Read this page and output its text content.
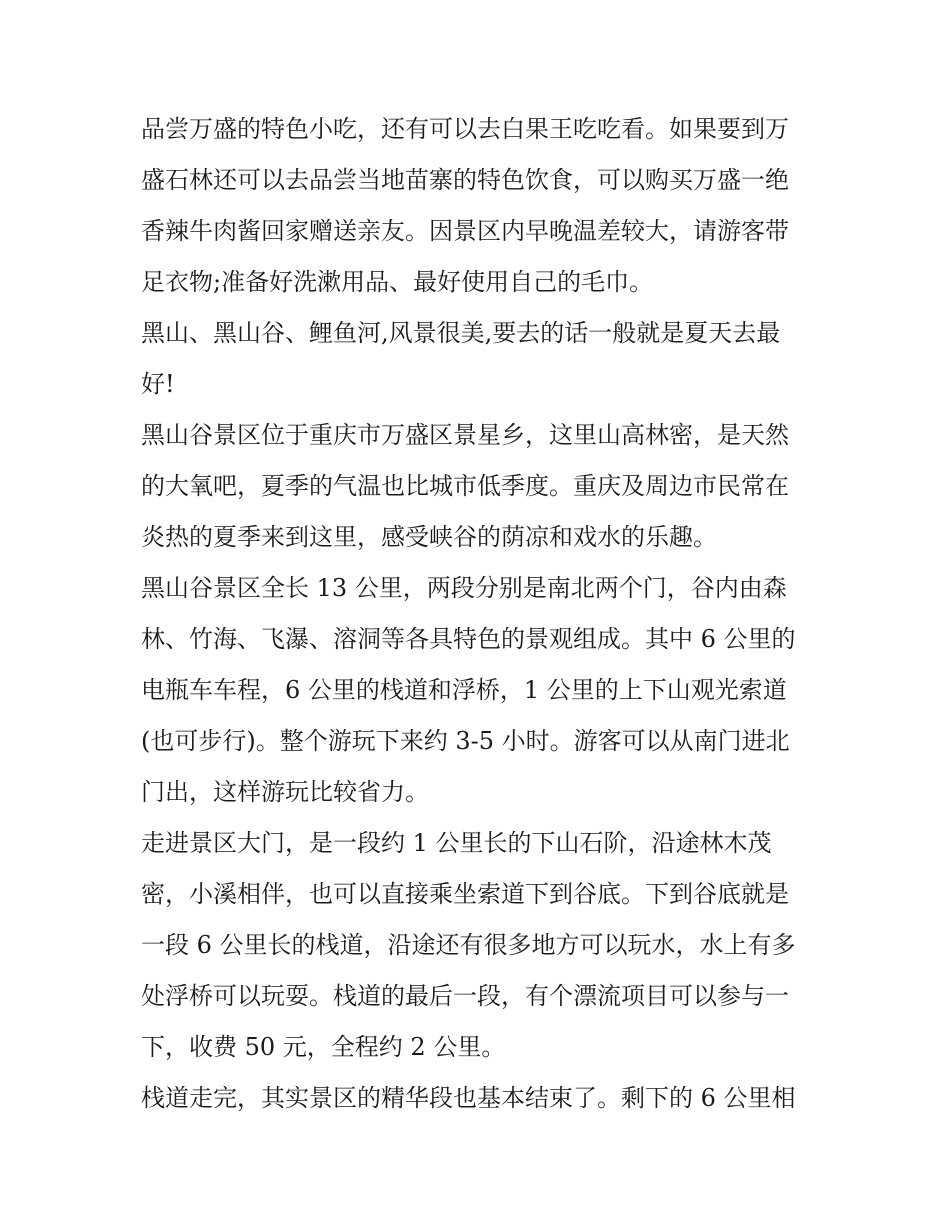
品尝万盛的特色小吃，还有可以去白果王吃吃看。如果要到万
盛石林还可以去品尝当地苗寨的特色饮食，可以购买万盛一绝
香辣牛肉酱回家赠送亲友。因景区内早晚温差较大，请游客带
足衣物;准备好洗漱用品、最好使用自己的毛巾。
黑山、黑山谷、鲤鱼河,风景很美,要去的话一般就是夏天去最
好!
黑山谷景区位于重庆市万盛区景星乡，这里山高林密，是天然
的大氧吧，夏季的气温也比城市低季度。重庆及周边市民常在
炎热的夏季来到这里，感受峡谷的荫凉和戏水的乐趣。
黑山谷景区全长 13 公里，两段分别是南北两个门，谷内由森
林、竹海、飞瀑、溶洞等各具特色的景观组成。其中 6 公里的
电瓶车车程，6 公里的栈道和浮桥，1 公里的上下山观光索道
(也可步行)。整个游玩下来约 3-5 小时。游客可以从南门进北
门出，这样游玩比较省力。
走进景区大门，是一段约 1 公里长的下山石阶，沿途林木茂
密，小溪相伴，也可以直接乘坐索道下到谷底。下到谷底就是
一段 6 公里长的栈道，沿途还有很多地方可以玩水，水上有多
处浮桥可以玩耍。栈道的最后一段，有个漂流项目可以参与一
下，收费 50 元，全程约 2 公里。
栈道走完，其实景区的精华段也基本结束了。剩下的 6 公里相
